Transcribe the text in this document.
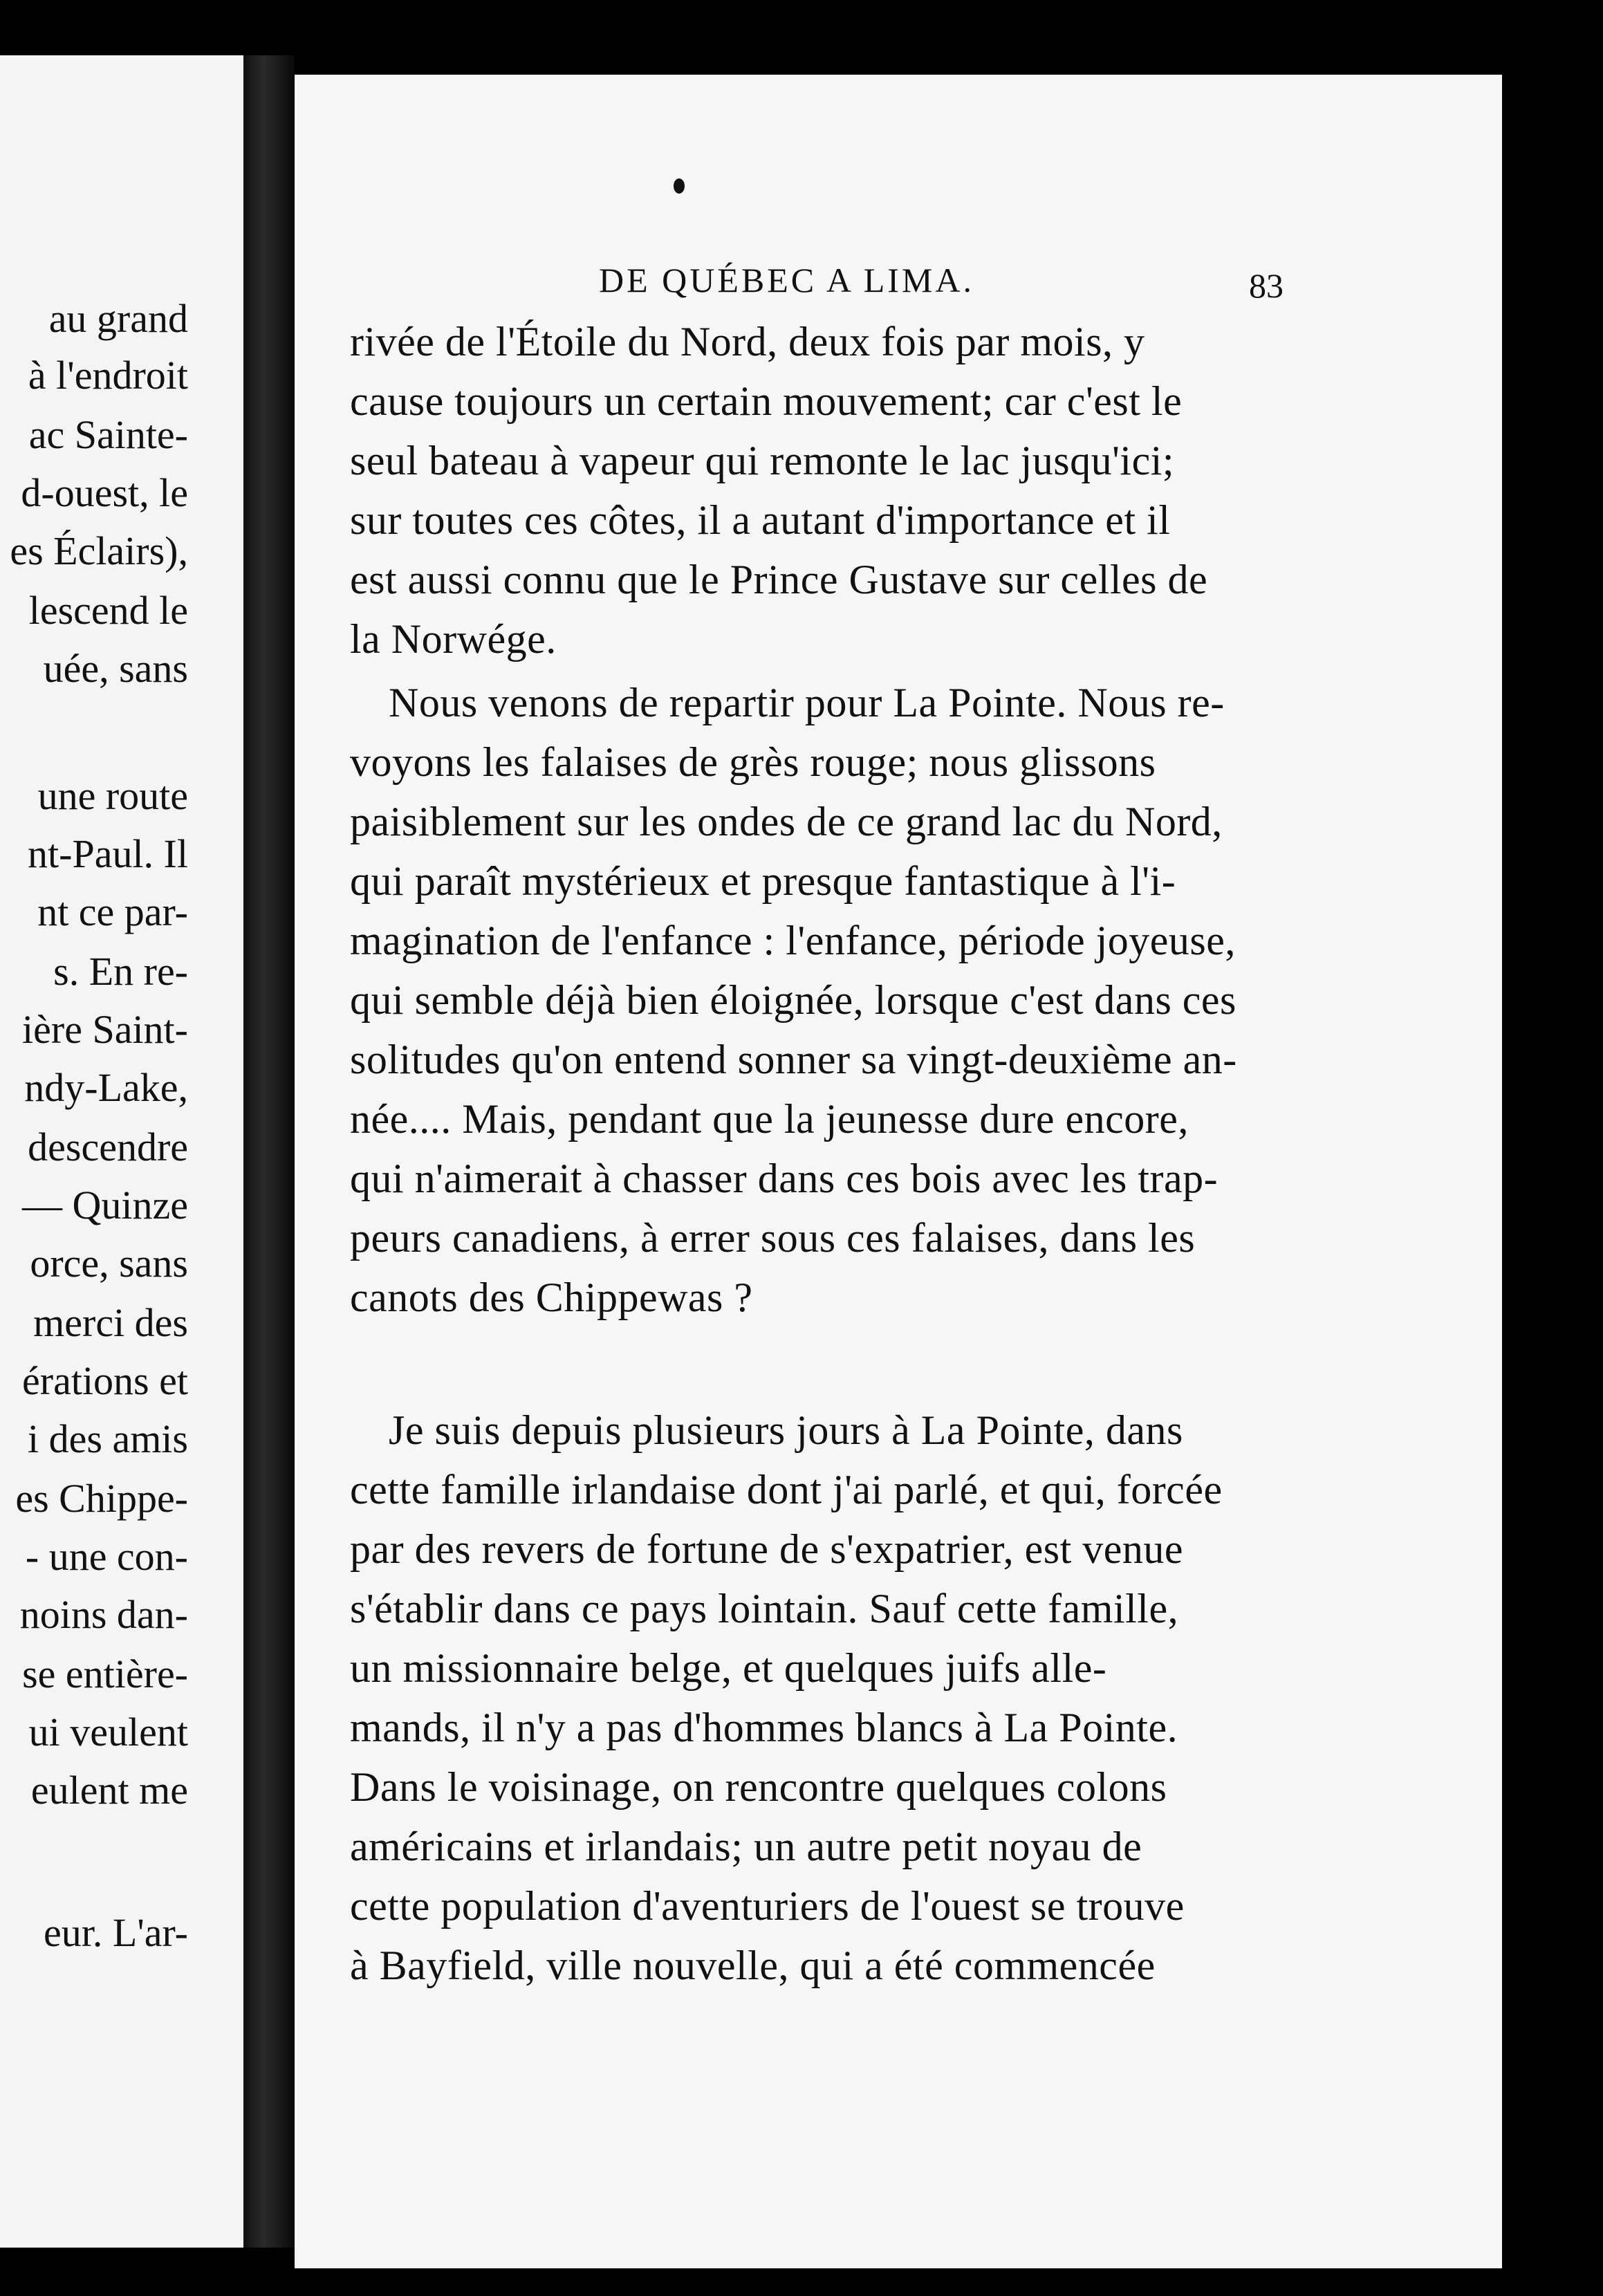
au grand
à l'endroit
ac Sainte-
d-ouest, le
es Éclairs),
lescend le
uée, sans
une route
nt-Paul. Il
nt ce par-
s. En re-
ière Saint-
ndy-Lake,
descendre
— Quinze
orce, sans
merci des
érations et
i des amis
es Chippe-
- une con-
noins dan-
se entière-
ui veulent
eulent me
eur. L'ar-
DE QUÉBEC A LIMA.	83
rivée de l'Étoile du Nord, deux fois par mois, y
cause toujours un certain mouvement; car c'est le
seul bateau à vapeur qui remonte le lac jusqu'ici;
sur toutes ces côtes, il a autant d'importance et il
est aussi connu que le Prince Gustave sur celles de
la Norwége.
Nous venons de repartir pour La Pointe. Nous re-
voyons les falaises de grès rouge; nous glissons
paisiblement sur les ondes de ce grand lac du Nord,
qui paraît mystérieux et presque fantastique à l'i-
magination de l'enfance : l'enfance, période joyeuse,
qui semble déjà bien éloignée, lorsque c'est dans ces
solitudes qu'on entend sonner sa vingt-deuxième an-
née.... Mais, pendant que la jeunesse dure encore,
qui n'aimerait à chasser dans ces bois avec les trap-
peurs canadiens, à errer sous ces falaises, dans les
canots des Chippewas ?
Je suis depuis plusieurs jours à La Pointe, dans
cette famille irlandaise dont j'ai parlé, et qui, forcée
par des revers de fortune de s'expatrier, est venue
s'établir dans ce pays lointain. Sauf cette famille,
un missionnaire belge, et quelques juifs alle-
mands, il n'y a pas d'hommes blancs à La Pointe.
Dans le voisinage, on rencontre quelques colons
américains et irlandais; un autre petit noyau de
cette population d'aventuriers de l'ouest se trouve
à Bayfield, ville nouvelle, qui a été commencée
